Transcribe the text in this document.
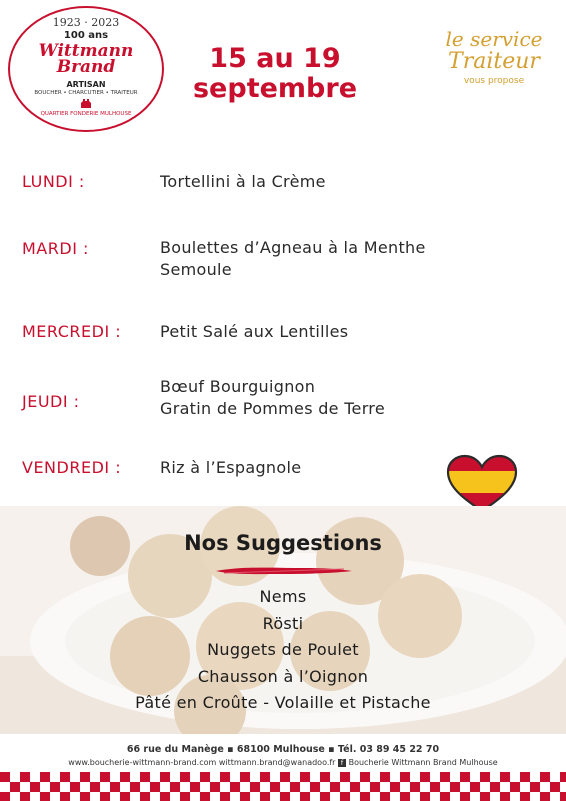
1923 · 2023
100 ans
Wittmann
Brand
ARTISAN
BOUCHER • CHARCUTIER • TRAITEUR
QUARTIER FONDERIE MULHOUSE
15 au 19
septembre
le service
Traiteur
vous propose
LUNDI :	Tortellini à la Crème
MARDI :	Boulettes d’Agneau à la Menthe
Semoule
MERCREDI : Petit Salé aux Lentilles
JEUDI :
Bœuf Bourguignon
Gratin de Pommes de Terre
VENDREDI : Riz à l’Espagnole
Nos Suggestions
Nems
Rösti
Nuggets de Poulet
Chausson à l’Oignon
Pâté en Croûte - Volaille et Pistache
66 rue du Manège ▪ 68100 Mulhouse ▪ Tél. 03 89 45 22 70
www.boucherie-wittmann-brand.com wittmann.brand@wanadoo.fr f Boucherie Wittmann Brand Mulhouse
